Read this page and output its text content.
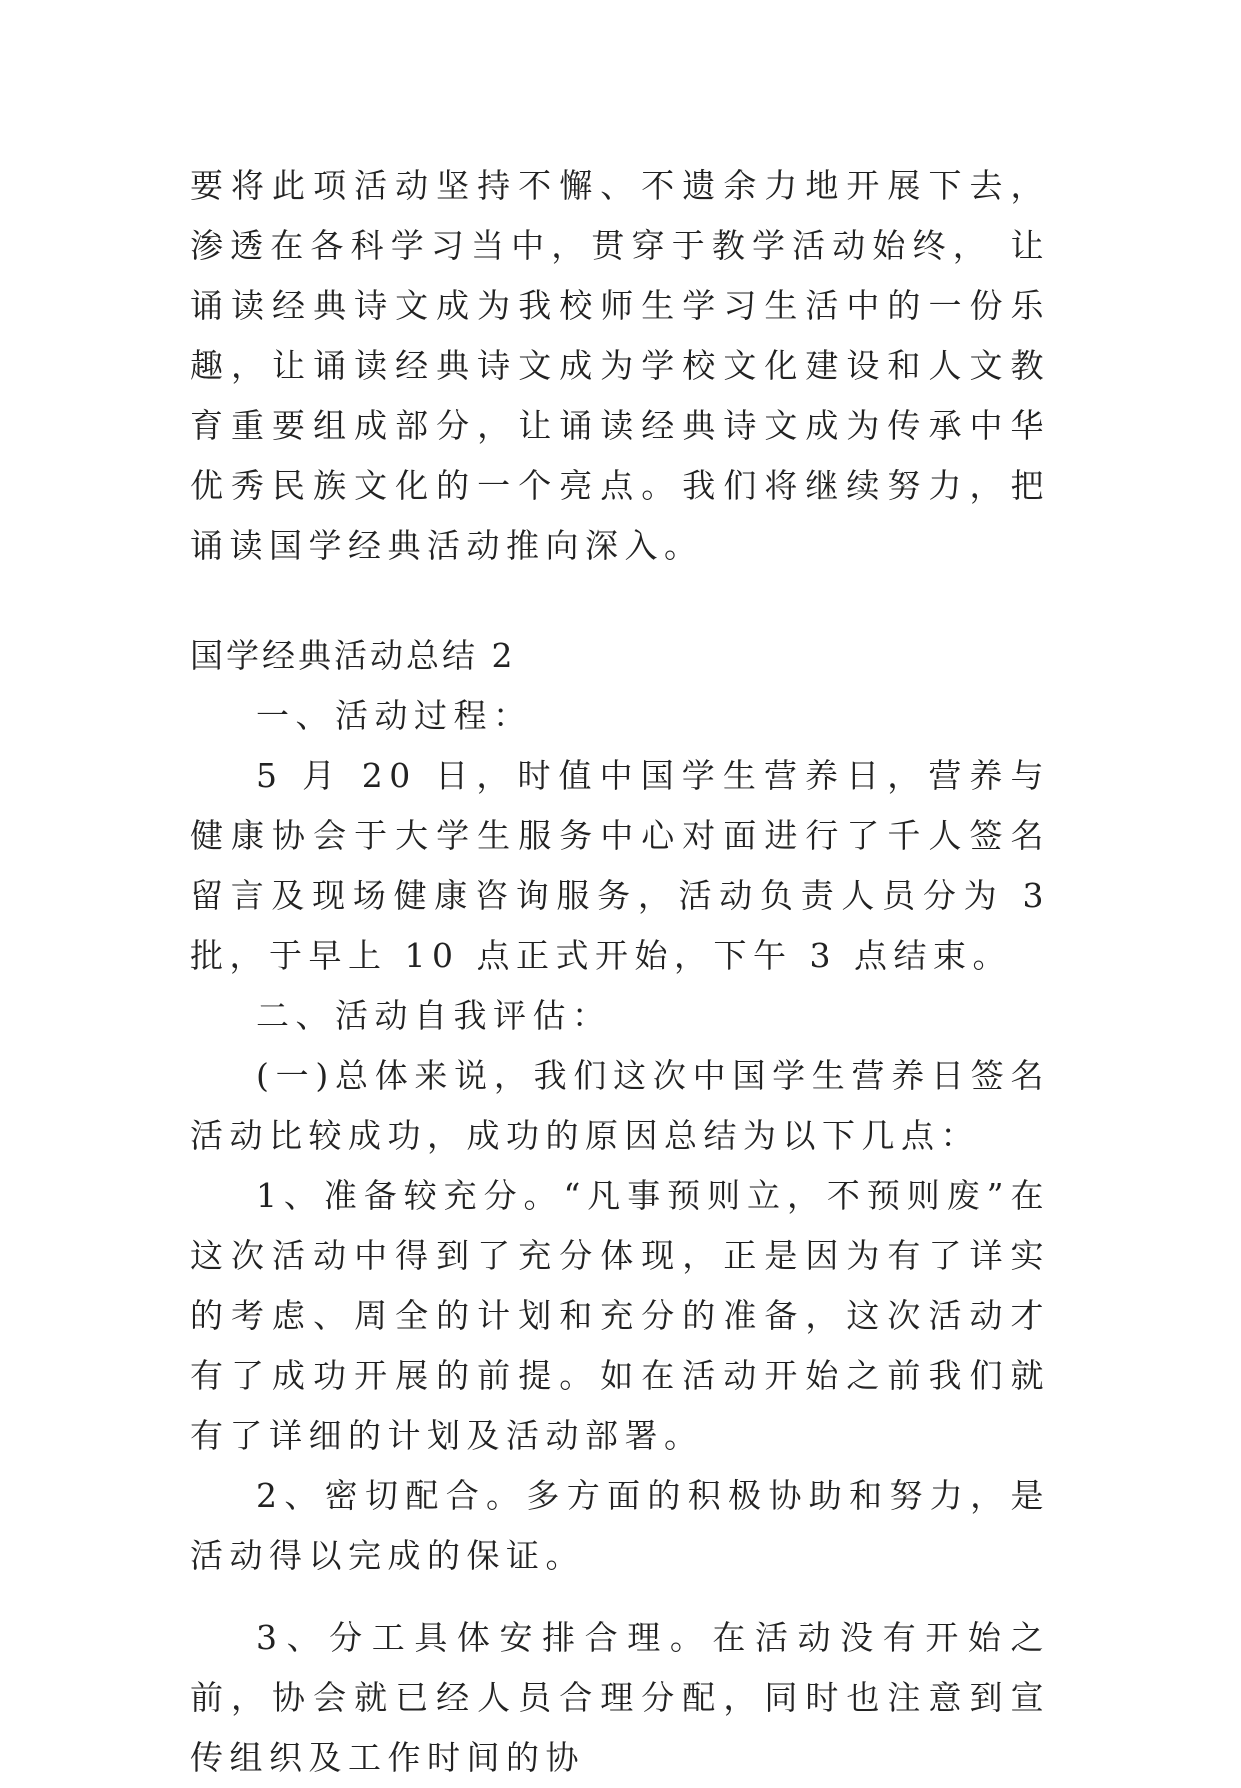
要将此项活动坚持不懈、不遗余力地开展下去，渗透在各科学习当中，贯穿于教学活动始终， 让诵读经典诗文成为我校师生学习生活中的一份乐趣，让诵读经典诗文成为学校文化建设和人文教育重要组成部分，让诵读经典诗文成为传承中华优秀民族文化的一个亮点。我们将继续努力，把诵读国学经典活动推向深入。

国学经典活动总结 2

一、活动过程：

5 月 20 日，时值中国学生营养日，营养与健康协会于大学生服务中心对面进行了千人签名留言及现场健康咨询服务，活动负责人员分为 3 批，于早上 10 点正式开始，下午 3 点结束。

二、活动自我评估：

(一)总体来说，我们这次中国学生营养日签名活动比较成功，成功的原因总结为以下几点：

1、准备较充分。“凡事预则立，不预则废”在这次活动中得到了充分体现，正是因为有了详实的考虑、周全的计划和充分的准备，这次活动才有了成功开展的前提。如在活动开始之前我们就有了详细的计划及活动部署。

2、密切配合。多方面的积极协助和努力，是活动得以完成的保证。

3、分工具体安排合理。在活动没有开始之前，协会就已经人员合理分配，同时也注意到宣传组织及工作时间的协
